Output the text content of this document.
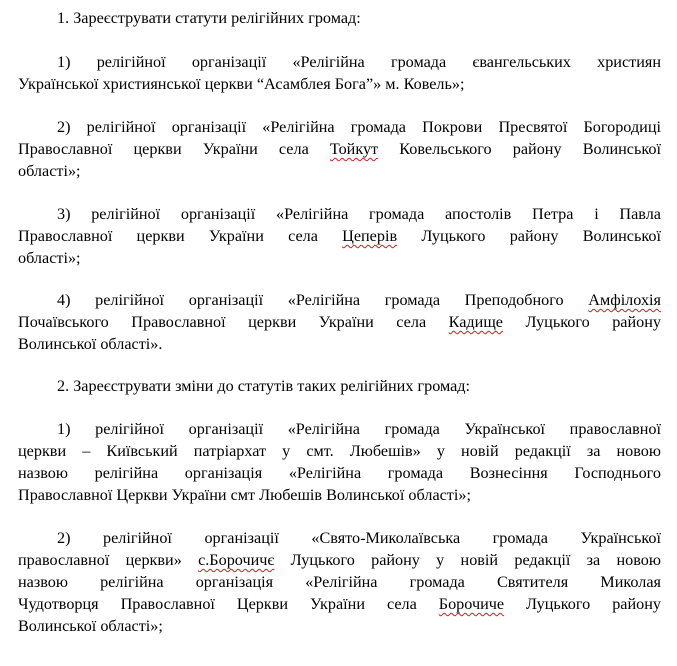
1. Зареєструвати статути релігійних громад:
1) релігійної організації «Релігійна громада євангельських християн
Української християнської церкви “Асамблея Бога”» м. Ковель»;
2) релігійної організації «Релігійна громада Покрови Пресвятої Богородиці
Православної церкви України села Тойкут Ковельського району Волинської
області»;
3) релігійної організації «Релігійна громада апостолів Петра і Павла
Православної церкви України села Цеперів Луцького району Волинської
області»;
4) релігійної організації «Релігійна громада Преподобного Амфілохія
Почаївського Православної церкви України села Кадище Луцького району
Волинської області».
2. Зареєструвати зміни до статутів таких релігійних громад:
1) релігійної організації «Релігійна громада Української православної
церкви – Київський патріархат у смт. Любешів» у новій редакції за новою
назвою релігійна організація «Релігійна громада Вознесіння Господнього
Православної Церкви України смт Любешів Волинської області»;
2) релігійної організації «Свято-Миколаївська громада Української
православної церкви» с.Борочичє Луцького району у новій редакції за новою
назвою релігійна організація «Релігійна громада Святителя Миколая
Чудотворця Православної Церкви України села Борочиче Луцького району
Волинської області»;
